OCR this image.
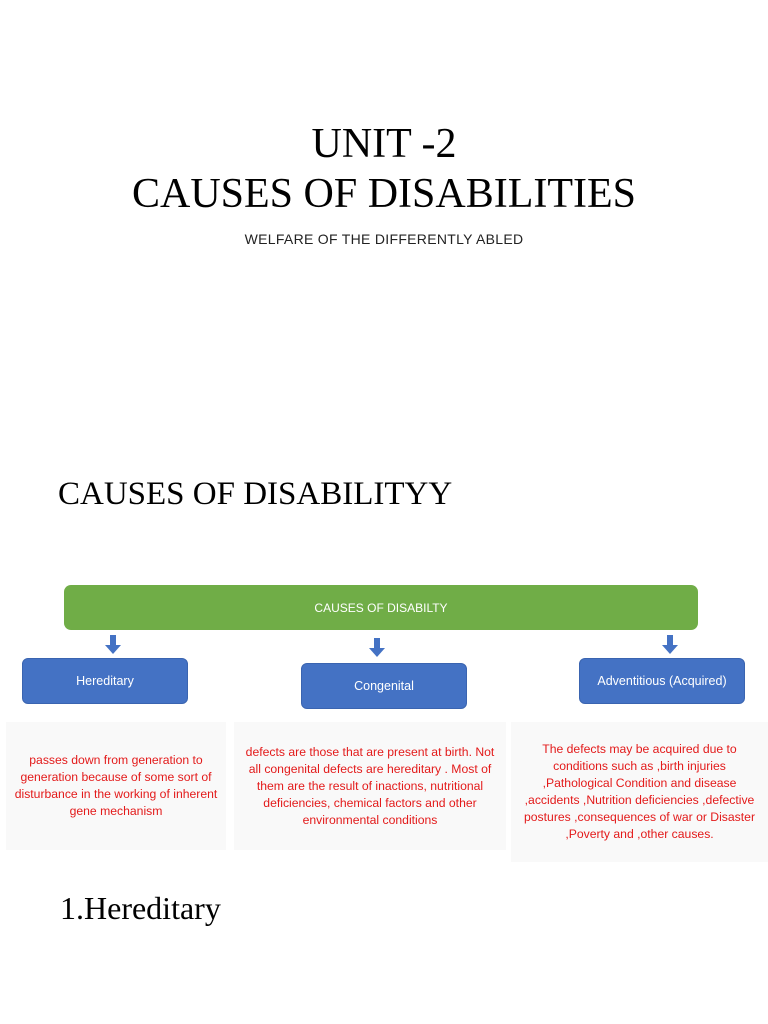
UNIT -2
CAUSES OF DISABILITIES
WELFARE OF THE DIFFERENTLY ABLED
CAUSES OF DISABILITYY
CAUSES OF DISABILTY
Hereditary	Congenital	Adventitious (Acquired)
passes down from generation to generation because of some sort of disturbance in the working of inherent gene mechanism
defects are those that are present at birth. Not all congenital defects are hereditary . Most of them are the result of inactions, nutritional deficiencies, chemical factors and other environmental conditions
The defects may be acquired due to conditions such as ,birth injuries ,Pathological Condition and disease ,accidents ,Nutrition deficiencies ,defective postures ,consequences of war or Disaster ,Poverty and ,other causes.
1.Hereditary
